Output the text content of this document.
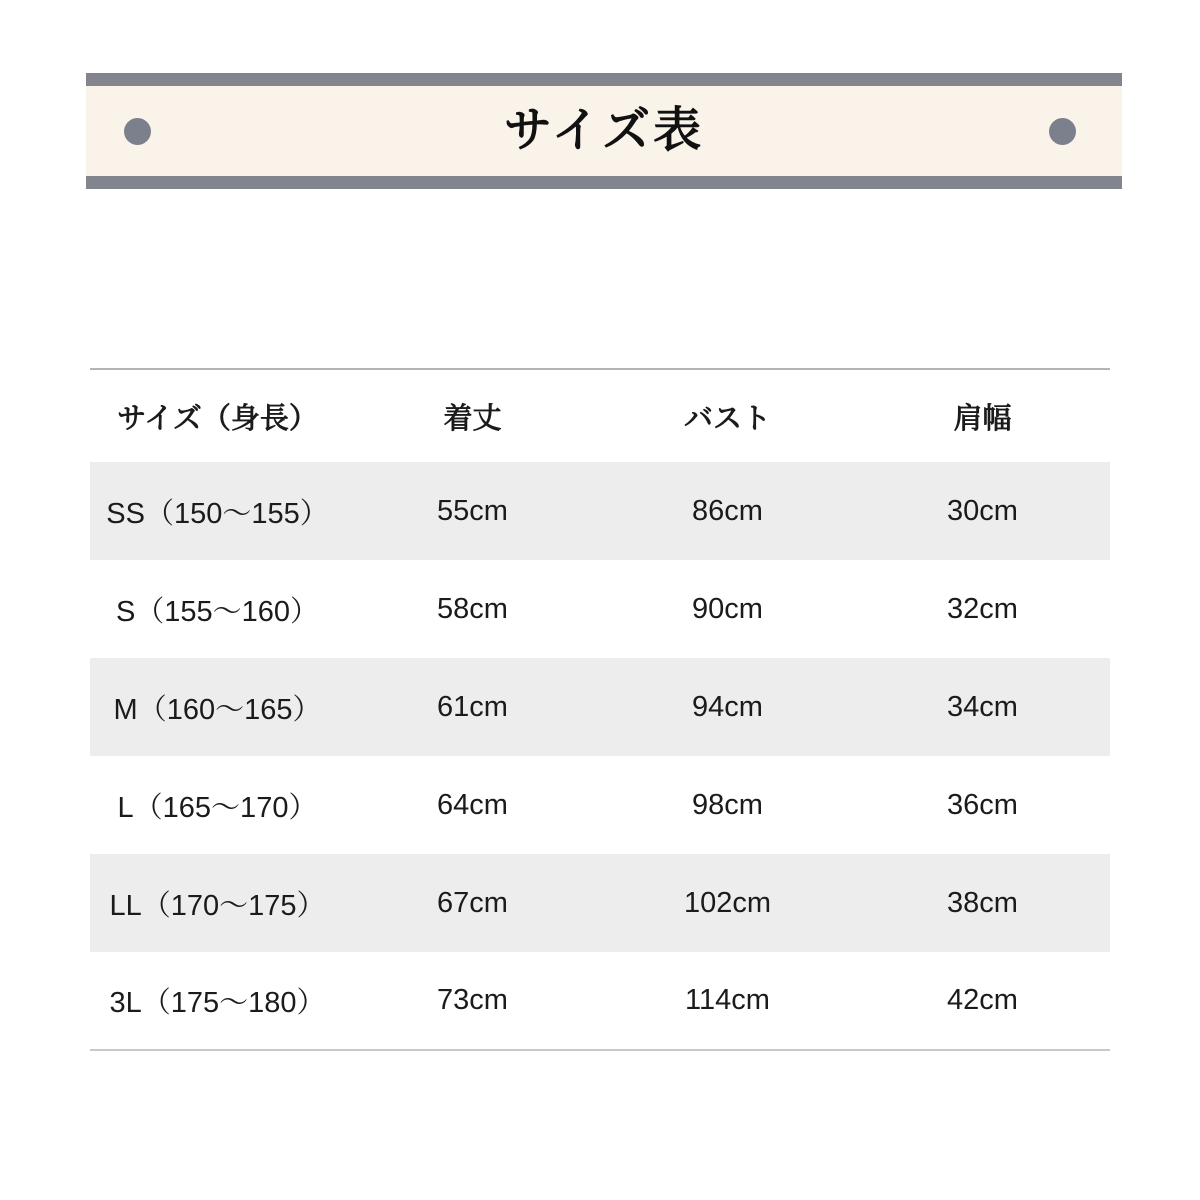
サイズ表
サイズ（身長）	着丈	バスト	肩幅
SS（150〜155）	55cm	86cm	30cm
S（155〜160）	58cm	90cm	32cm
M（160〜165）	61cm	94cm	34cm
L（165〜170）	64cm	98cm	36cm
LL（170〜175）	67cm	102cm	38cm
3L（175〜180）	73cm	114cm	42cm
